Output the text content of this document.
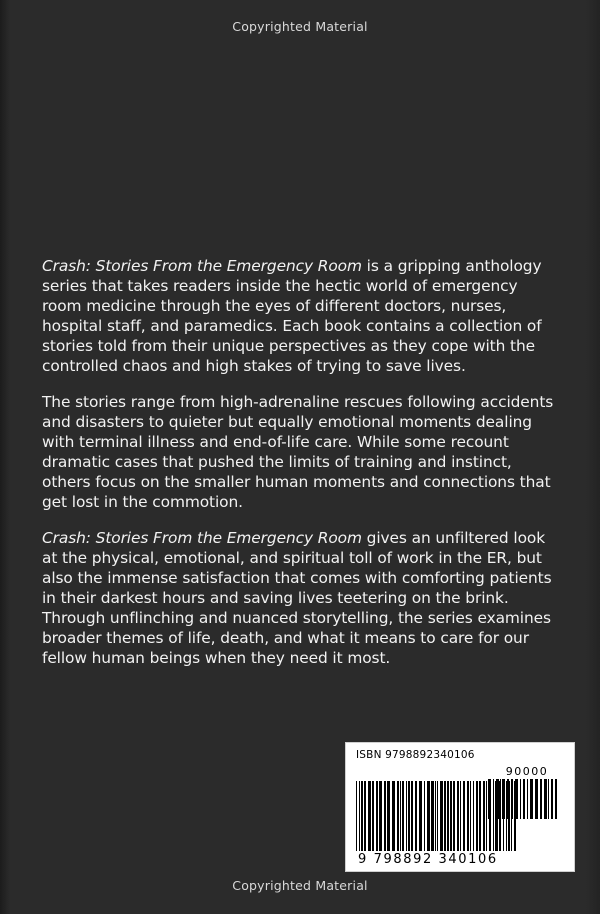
Copyrighted Material

Crash: Stories From the Emergency Room is a gripping anthology series that takes readers inside the hectic world of emergency room medicine through the eyes of different doctors, nurses, hospital staff, and paramedics. Each book contains a collection of stories told from their unique perspectives as they cope with the controlled chaos and high stakes of trying to save lives.

The stories range from high-adrenaline rescues following accidents and disasters to quieter but equally emotional moments dealing with terminal illness and end-of-life care. While some recount dramatic cases that pushed the limits of training and instinct, others focus on the smaller human moments and connections that get lost in the commotion.

Crash: Stories From the Emergency Room gives an unfiltered look at the physical, emotional, and spiritual toll of work in the ER, but also the immense satisfaction that comes with comforting patients in their darkest hours and saving lives teetering on the brink. Through unflinching and nuanced storytelling, the series examines broader themes of life, death, and what it means to care for our fellow human beings when they need it most.

ISBN 9798892340106
90000
9 798892 340106
Copyrighted Material
